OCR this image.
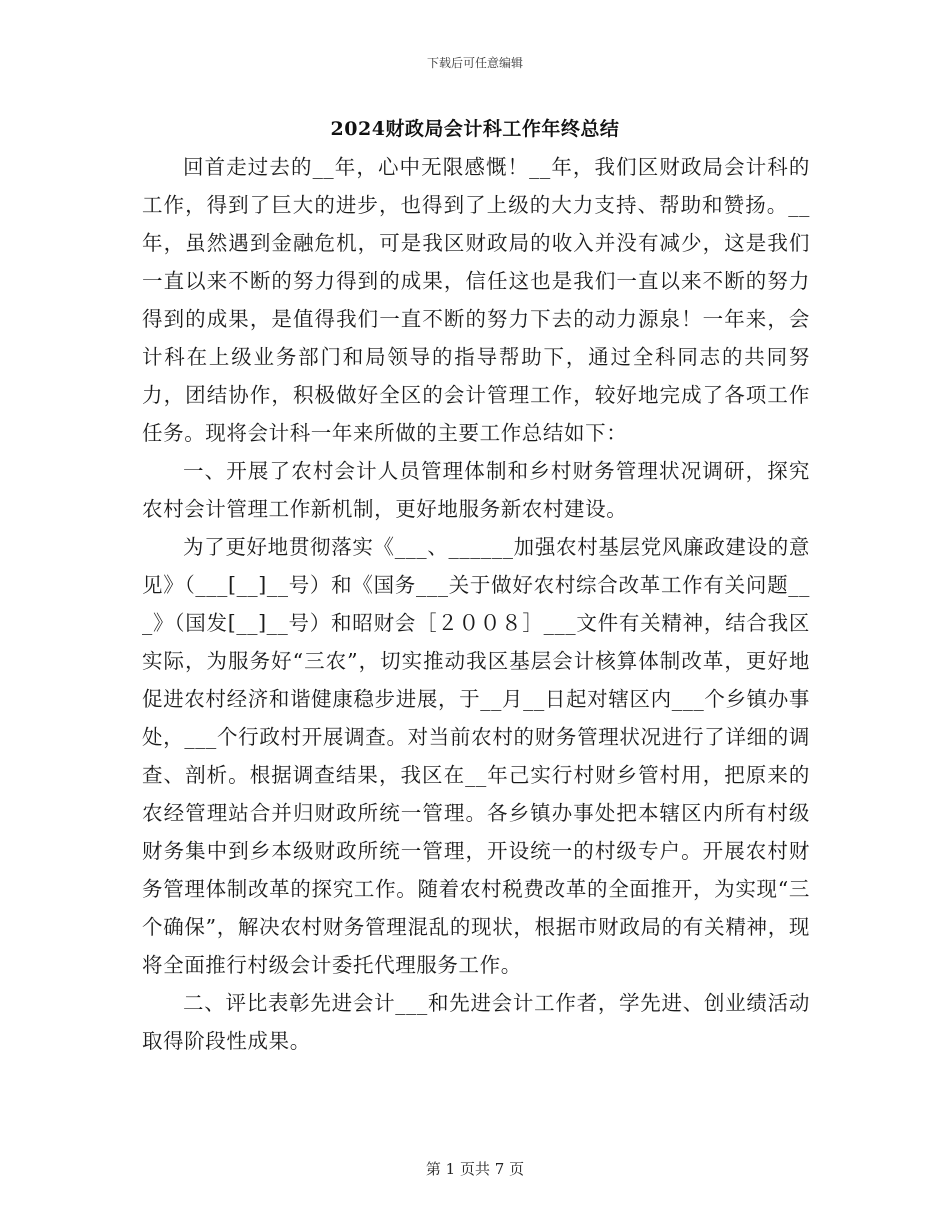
下载后可任意编辑
2024财政局会计科工作年终总结

回首走过去的__年，心中无限感慨！__年，我们区财政局会计科的工作，得到了巨大的进步，也得到了上级的大力支持、帮助和赞扬。__年，虽然遇到金融危机，可是我区财政局的收入并没有减少，这是我们一直以来不断的努力得到的成果，信任这也是我们一直以来不断的努力得到的成果，是值得我们一直不断的努力下去的动力源泉！一年来，会计科在上级业务部门和局领导的指导帮助下，通过全科同志的共同努力，团结协作，积极做好全区的会计管理工作，较好地完成了各项工作任务。现将会计科一年来所做的主要工作总结如下：

一、开展了农村会计人员管理体制和乡村财务管理状况调研，探究农村会计管理工作新机制，更好地服务新农村建设。

为了更好地贯彻落实《___、______加强农村基层党风廉政建设的意见》（___[__]__号）和《国务___关于做好农村综合改革工作有关问题___》（国发[__]__号）和昭财会［２００８］___文件有关精神，结合我区实际，为服务好“三农”，切实推动我区基层会计核算体制改革，更好地促进农村经济和谐健康稳步进展，于__月__日起对辖区内___个乡镇办事处，___个行政村开展调查。对当前农村的财务管理状况进行了详细的调查、剖析。根据调查结果，我区在__年己实行村财乡管村用，把原来的农经管理站合并归财政所统一管理。各乡镇办事处把本辖区内所有村级财务集中到乡本级财政所统一管理，开设统一的村级专户。开展农村财务管理体制改革的探究工作。随着农村税费改革的全面推开，为实现“三个确保”，解决农村财务管理混乱的现状，根据市财政局的有关精神，现将全面推行村级会计委托代理服务工作。

二、评比表彰先进会计___和先进会计工作者，学先进、创业绩活动取得阶段性成果。

第 1 页共 7 页
